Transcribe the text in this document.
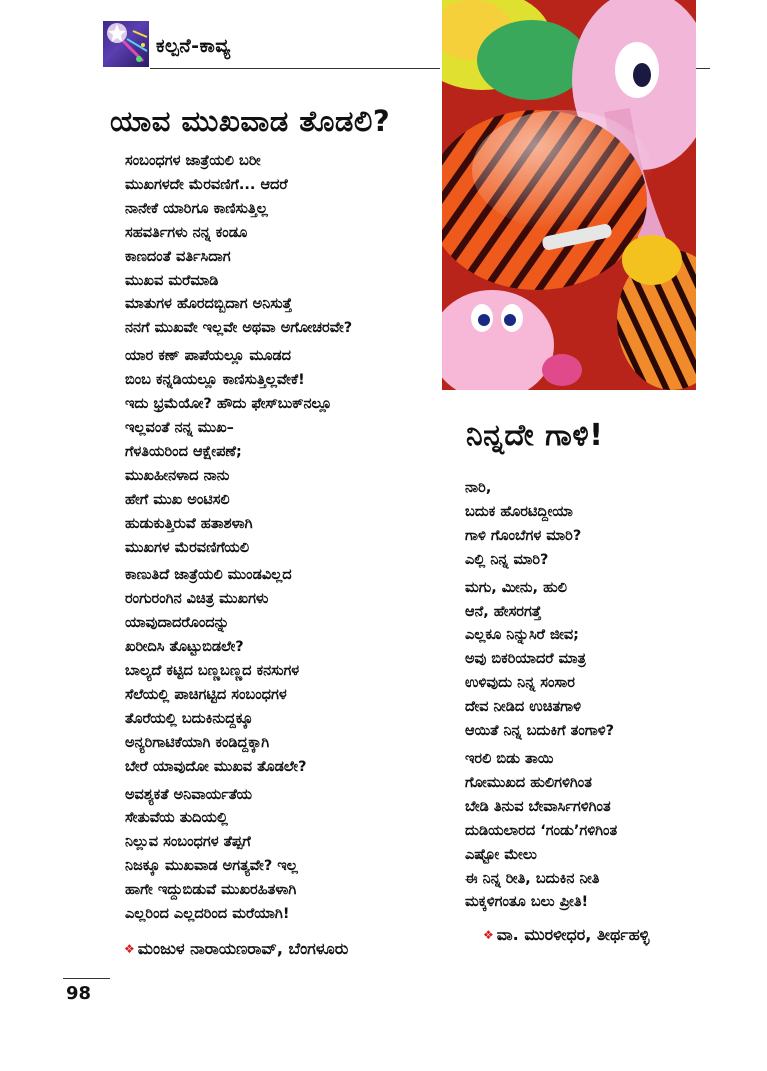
ಕಲ್ಪನೆ-ಕಾವ್ಯ
ಯಾವ ಮುಖವಾಡ ತೊಡಲಿ?
ಸಂಬಂಧಗಳ ಜಾತ್ರೆಯಲಿ ಬರೀ
ಮುಖಗಳದೇ ಮೆರವಣಿಗೆ... ಆದರೆ
ನಾನೇಕೆ ಯಾರಿಗೂ ಕಾಣಿಸುತ್ತಿಲ್ಲ
ಸಹವರ್ತಿಗಳು ನನ್ನ ಕಂಡೂ
ಕಾಣದಂತೆ ವರ್ತಿಸಿದಾಗ
ಮುಖವ ಮರೆಮಾಡಿ
ಮಾತುಗಳ ಹೊರದಬ್ಬಿದಾಗ ಅನಿಸುತ್ತೆ
ನನಗೆ ಮುಖವೇ ಇಲ್ಲವೇ ಅಥವಾ ಅಗೋಚರವೇ?
ಯಾರ ಕಣ್ ಪಾಪೆಯಲ್ಲೂ ಮೂಡದ
ಬಿಂಬ ಕನ್ನಡಿಯಲ್ಲೂ ಕಾಣಿಸುತ್ತಿಲ್ಲವೇಕೆ!
ಇದು ಭ್ರಮೆಯೋ? ಹೌದು ಫೇಸ್‌ಬುಕ್‌ನಲ್ಲೂ
ಇಲ್ಲವಂತೆ ನನ್ನ ಮುಖ–
ಗೆಳತಿಯರಿಂದ ಆಕ್ಷೇಪಣೆ;
ಮುಖಹೀನಳಾದ ನಾನು
ಹೇಗೆ ಮುಖ ಅಂಟಿಸಲಿ
ಹುಡುಕುತ್ತಿರುವೆ ಹತಾಶಳಾಗಿ
ಮುಖಗಳ ಮೆರವಣಿಗೆಯಲಿ
ಕಾಣುತಿದೆ ಜಾತ್ರೆಯಲಿ ಮುಂಡವಿಲ್ಲದ
ರಂಗುರಂಗಿನ ವಿಚಿತ್ರ ಮುಖಗಳು
ಯಾವುದಾದರೊಂದನ್ನು
ಖರೀದಿಸಿ ತೊಟ್ಟುಬಿಡಲೇ?
ಬಾಲ್ಯದೆ ಕಟ್ಟಿದ ಬಣ್ಣಬಣ್ಣದ ಕನಸುಗಳ
ಸೆಲೆಯಲ್ಲಿ ಪಾಚಿಗಟ್ಟಿದ ಸಂಬಂಧಗಳ
ತೊರೆಯಲ್ಲಿ ಬದುಕಿನುದ್ದಕ್ಕೂ
ಅನ್ಯರಿಗಾಟಿಕೆಯಾಗಿ ಕಂಡಿದ್ದಕ್ಕಾಗಿ
ಬೇರೆ ಯಾವುದೋ ಮುಖವ ತೊಡಲೇ?
ಅವಶ್ಯಕತೆ ಅನಿವಾರ್ಯತೆಯ
ಸೇತುವೆಯ ತುದಿಯಲ್ಲಿ
ನಿಲ್ಲುವ ಸಂಬಂಧಗಳ ತೆಪ್ಪಗೆ
ನಿಜಕ್ಕೂ ಮುಖವಾಡ ಅಗತ್ಯವೇ? ಇಲ್ಲ
ಹಾಗೇ ಇದ್ದುಬಿಡುವೆ ಮುಖರಹಿತಳಾಗಿ
ಎಲ್ಲರಿಂದ ಎಲ್ಲದರಿಂದ ಮರೆಯಾಗಿ!
❖ ಮಂಜುಳ ನಾರಾಯಣರಾವ್, ಬೆಂಗಳೂರು
ನಿನ್ನದೇ ಗಾಳಿ!
ನಾರಿ,
ಬದುಕ ಹೊರಟಿದ್ದೀಯಾ
ಗಾಳಿ ಗೊಂಬೆಗಳ ಮಾರಿ?
ಎಲ್ಲಿ ನಿನ್ನ ಮಾರಿ?
ಮಗು, ಮೀನು, ಹುಲಿ
ಆನೆ, ಹೇಸರಗತ್ತೆ
ಎಲ್ಲಕೂ ನಿನ್ನುಸಿರೆ ಜೀವ;
ಅವು ಬಿಕರಿಯಾದರೆ ಮಾತ್ರ
ಉಳಿವುದು ನಿನ್ನ ಸಂಸಾರ
ದೇವ ನೀಡಿದ ಉಚಿತಗಾಳಿ
ಆಯಿತೆ ನಿನ್ನ ಬದುಕಿಗೆ ತಂಗಾಳಿ?
ಇರಲಿ ಬಿಡು ತಾಯಿ
ಗೋಮುಖದ ಹುಲಿಗಳಿಗಿಂತ
ಬೇಡಿ ತಿನುವ ಬೇವಾರ್ಸಿಗಳಿಗಿಂತ
ದುಡಿಯಲಾರದ ‘ಗಂಡು’ಗಳಿಗಿಂತ
ಎಷ್ಟೋ ಮೇಲು
ಈ ನಿನ್ನ ರೀತಿ, ಬದುಕಿನ ನೀತಿ
ಮಕ್ಕಳಿಗಂತೂ ಬಲು ಪ್ರೀತಿ!
❖ ವಾ. ಮುರಳೀಧರ, ತೀರ್ಥಹಳ್ಳಿ
98
